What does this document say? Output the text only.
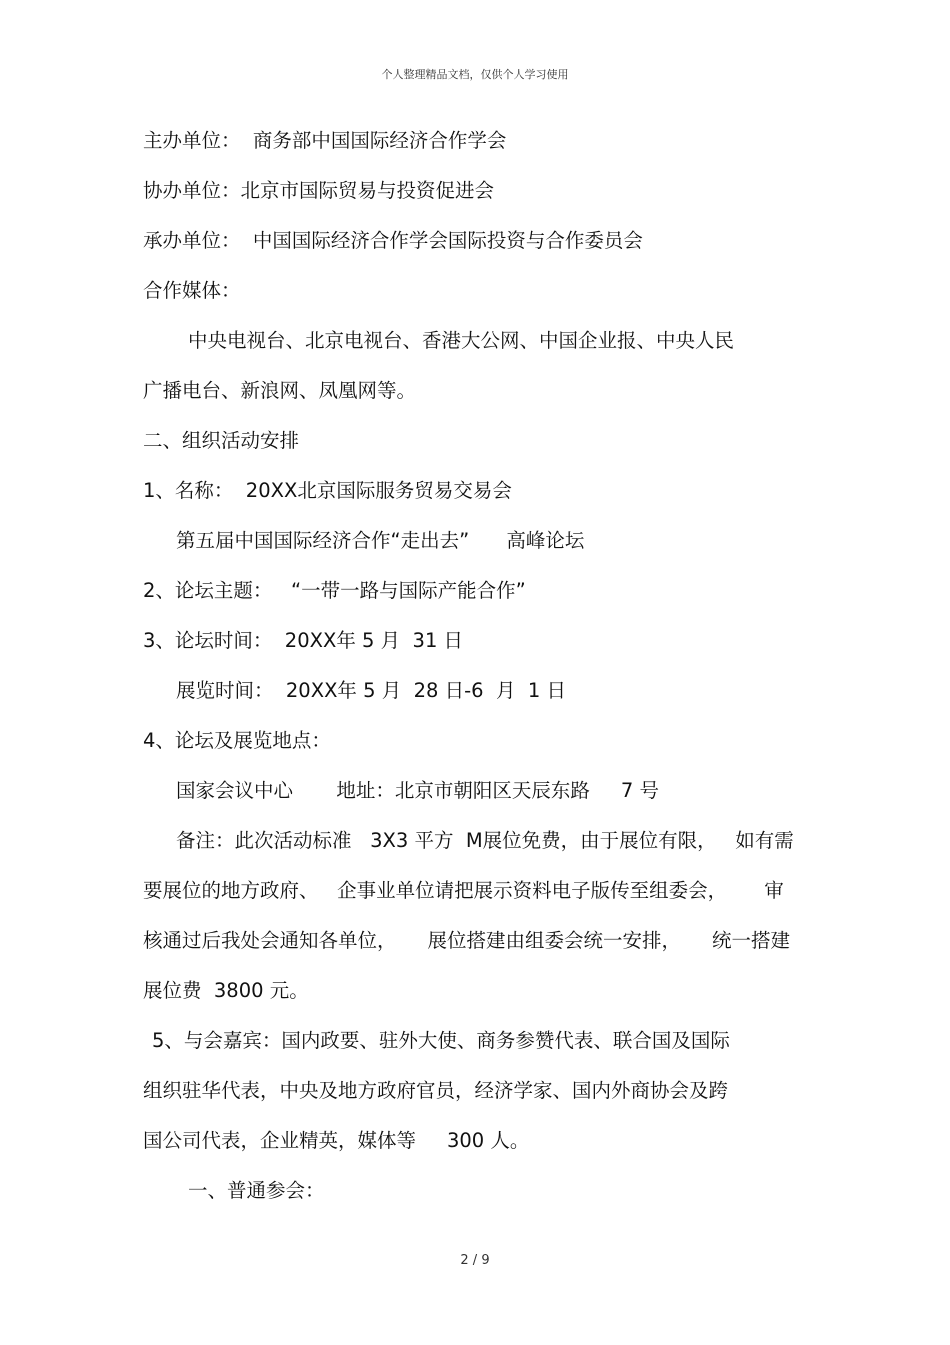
个人整理精品文档，仅供个人学习使用
主办单位：  商务部中国国际经济合作学会
协办单位：北京市国际贸易与投资促进会
承办单位：  中国国际经济合作学会国际投资与合作委员会
合作媒体：
中央电视台、北京电视台、香港大公网、中国企业报、中央人民
广播电台、新浪网、凤凰网等。
二、组织活动安排
1、名称：  20XX北京国际服务贸易交易会
第五届中国国际经济合作“走出去”      高峰论坛
2、论坛主题：   “一带一路与国际产能合作”
3、论坛时间：  20XX年 5 月  31 日
展览时间：  20XX年 5 月  28 日-6  月  1 日
4、论坛及展览地点：
国家会议中心       地址：北京市朝阳区天辰东路     7 号
备注：此次活动标准   3X3 平方  M展位免费，由于展位有限，   如有需
要展位的地方政府、   企事业单位请把展示资料电子版传至组委会，      审
核通过后我处会通知各单位，     展位搭建由组委会统一安排，     统一搭建
展位费  3800 元。
5、与会嘉宾：国内政要、驻外大使、商务参赞代表、联合国及国际
组织驻华代表，中央及地方政府官员，经济学家、国内外商协会及跨
国公司代表，企业精英，媒体等     300 人。
一、普通参会：
2 / 9
